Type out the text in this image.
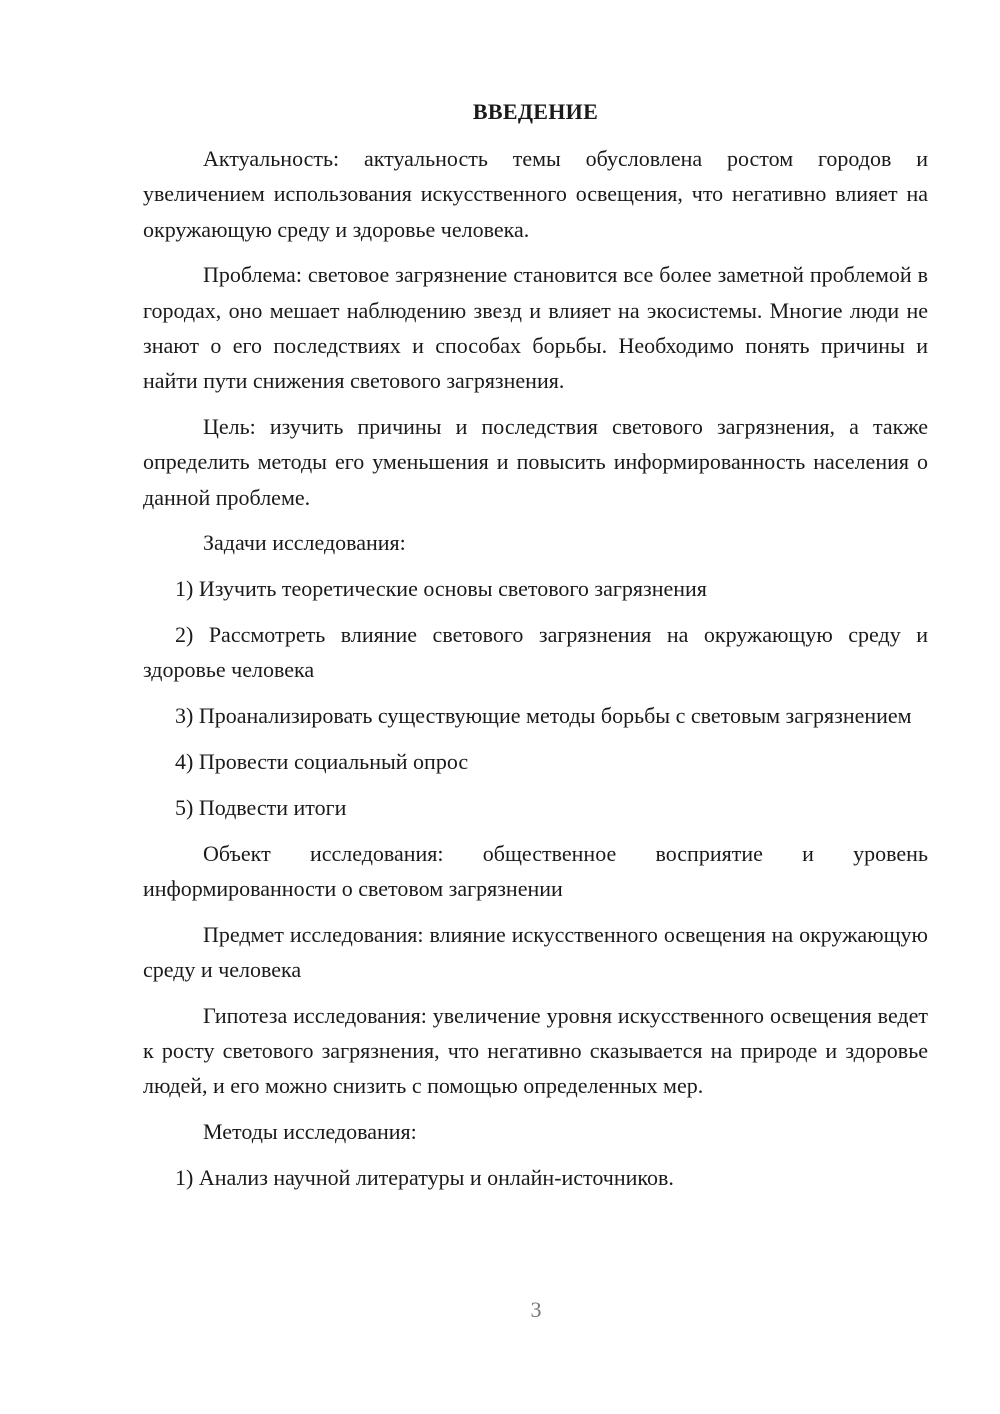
ВВЕДЕНИЕ

Актуальность: актуальность темы обусловлена ростом городов и увеличением использования искусственного освещения, что негативно влияет на окружающую среду и здоровье человека.

Проблема: световое загрязнение становится все более заметной проблемой в городах, оно мешает наблюдению звезд и влияет на экосистемы. Многие люди не знают о его последствиях и способах борьбы. Необходимо понять причины и найти пути снижения светового загрязнения.

Цель: изучить причины и последствия светового загрязнения, а также определить методы его уменьшения и повысить информированность населения о данной проблеме.

Задачи исследования:

1) Изучить теоретические основы светового загрязнения

2) Рассмотреть влияние светового загрязнения на окружающую среду и здоровье человека

3) Проанализировать существующие методы борьбы с световым загрязнением

4) Провести социальный опрос

5) Подвести итоги

Объект исследования: общественное восприятие и уровень информированности о световом загрязнении

Предмет исследования: влияние искусственного освещения на окружающую среду и человека

Гипотеза исследования: увеличение уровня искусственного освещения ведет к росту светового загрязнения, что негативно сказывается на природе и здоровье людей, и его можно снизить с помощью определенных мер.

Методы исследования:

1) Анализ научной литературы и онлайн-источников.

3
